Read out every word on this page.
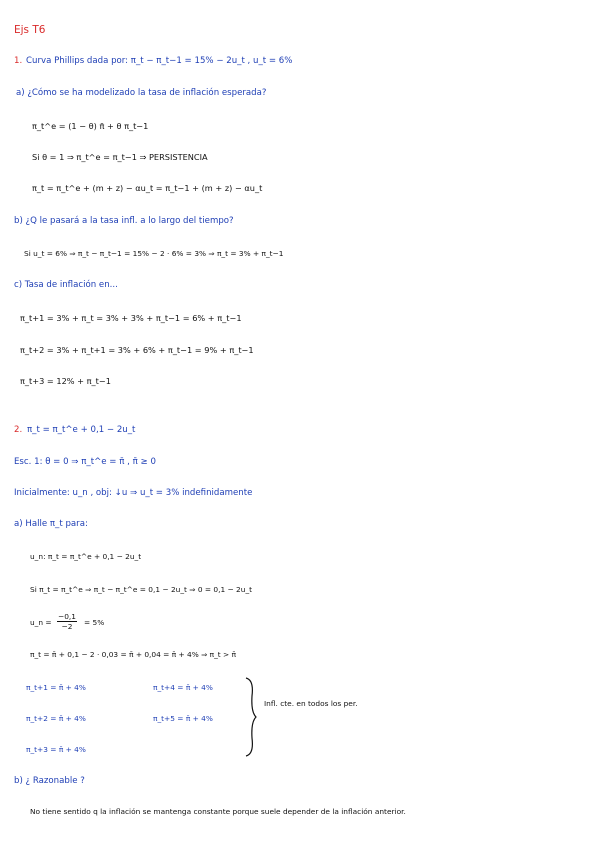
Ejs T6
1. Curva Phillips dada por: π_t − π_t−1 = 15% − 2u_t , u_t = 6%
a) ¿Cómo se ha modelizado la tasa de inflación esperada?
π_t^e = (1 − θ) π̄ + θ π_t−1
Si θ = 1 ⇒ π_t^e = π_t−1 ⇒ PERSISTENCIA
π_t = π_t^e + (m + z) − αu_t = π_t−1 + (m + z) − αu_t
b) ¿Q le pasará a la tasa infl. a lo largo del tiempo?
Si u_t = 6% ⇒ π_t − π_t−1 = 15% − 2 · 6% = 3% ⇒ π_t = 3% + π_t−1
c) Tasa de inflación en...
π_t+1 = 3% + π_t = 3% + 3% + π_t−1 = 6% + π_t−1
π_t+2 = 3% + π_t+1 = 3% + 6% + π_t−1 = 9% + π_t−1
π_t+3 = 12% + π_t−1
2. π_t = π_t^e + 0,1 − 2u_t
Esc. 1: θ = 0 ⇒ π_t^e = π̄ , π̄ ≥ 0
Inicialmente: u_n , obj: ↓u ⇒ u_t = 3% indefinidamente
a) Halle π_t para:
u_n: π_t = π_t^e + 0,1 − 2u_t
Si π_t = π_t^e ⇒ π_t − π_t^e = 0,1 − 2u_t ⇒ 0 = 0,1 − 2u_t
u_n = $\frac{-0,1}{-2} = 5\%$
π_t = π̄ + 0,1 − 2 · 0,03 = π̄ + 0,04 = π̄ + 4% ⇒ π_t > π̄
π_t+1 = π̄ + 4%
π_t+2 = π̄ + 4%
π_t+3 = π̄ + 4%
π_t+4 = π̄ + 4%
π_t+5 = π̄ + 4%
Infl. cte. en todos los per.
b) ¿ Razonable ?
No tiene sentido q la inflación se mantenga constante porque suele depender de la inflación anterior.
